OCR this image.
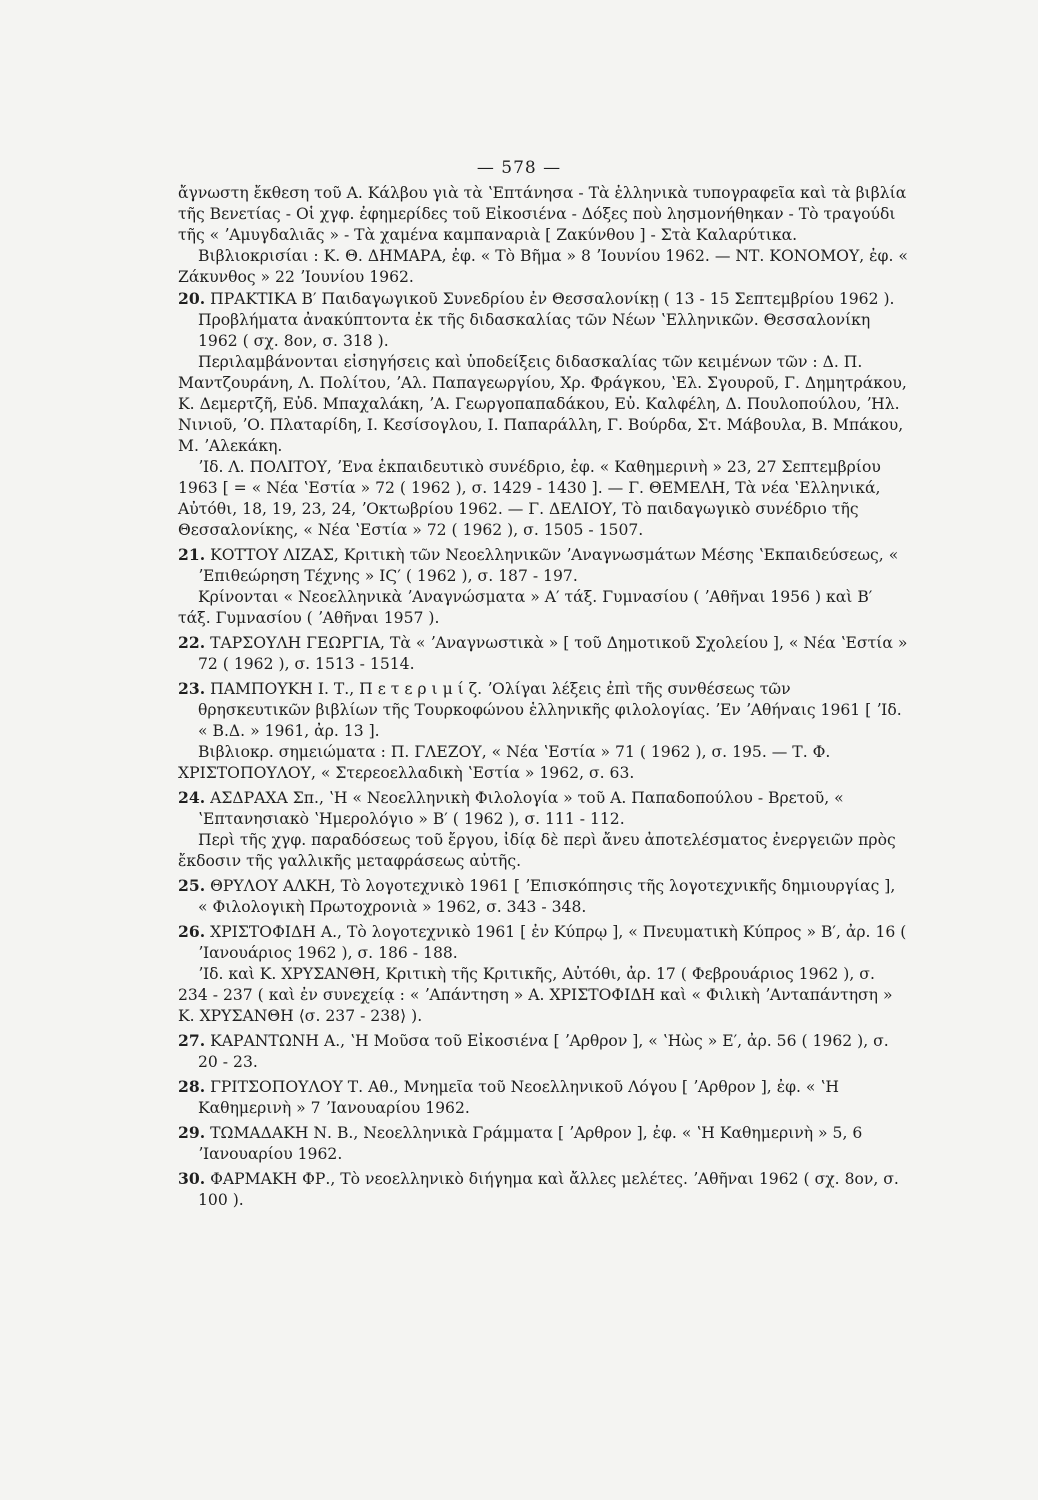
— 578 —

ἄγνωστη ἔκθεση τοῦ Α. Κάλβου γιὰ τὰ ʽΕπτάνησα - Τὰ ἑλληνικὰ τυπογραφεῖα καὶ τὰ βιβλία τῆς Βενετίας - Οἱ χγφ. ἐφημερίδες τοῦ Εἰκοσιένα - Δόξες ποὺ λησμονήθηκαν - Τὸ τραγούδι τῆς « ʼΑμυγδαλιᾶς » - Τὰ χαμένα καμπαναριὰ [ Ζακύνθου ] - Στὰ Καλαρύτικα.

Βιβλιοκρισίαι : Κ. Θ. ΔΗΜΑΡΑ, ἐφ. « Τὸ Βῆμα » 8 ʼΙουνίου 1962. — ΝΤ. ΚΟΝΟΜΟΥ, ἐφ. « Ζάκυνθος » 22 ʼΙουνίου 1962.

20. ΠΡΑΚΤΙΚΑ Β′ Παιδαγωγικοῦ Συνεδρίου ἐν Θεσσαλονίκῃ ( 13 - 15 Σεπτεμβρίου 1962 ). Προβλήματα ἀνακύπτοντα ἐκ τῆς διδασκαλίας τῶν Νέων ʽΕλληνικῶν. Θεσσαλονίκη 1962 ( σχ. 8ον, σ. 318 ).

Περιλαμβάνονται εἰσηγήσεις καὶ ὑποδείξεις διδασκαλίας τῶν κειμένων τῶν : Δ. Π. Μαντζουράνη, Λ. Πολίτου, ʼΑλ. Παπαγεωργίου, Χρ. Φράγκου, ʽΕλ. Σγουροῦ, Γ. Δημητράκου, Κ. Δεμερτζῆ, Εὐδ. Μπαχαλάκη, ʼΑ. Γεωργοπαπαδάκου, Εὐ. Καλφέλη, Δ. Πουλοπούλου, ʼΗλ. Νινιοῦ, ʼΟ. Πλαταρίδη, Ι. Κεσίσογλου, Ι. Παπαράλλη, Γ. Βούρδα, Στ. Μάβουλα, Β. Μπάκου, Μ. ʼΑλεκάκη.

ʼΙδ. Λ. ΠΟΛΙΤΟΥ, ʼΕνα ἐκπαιδευτικὸ συνέδριο, ἐφ. « Καθημερινὴ » 23, 27 Σεπτεμβρίου 1963 [ = « Νέα ʽΕστία » 72 ( 1962 ), σ. 1429 - 1430 ]. — Γ. ΘΕΜΕΛΗ, Τὰ νέα ʽΕλληνικά, Αὐτόθι, 18, 19, 23, 24, ʼΟκτωβρίου 1962. — Γ. ΔΕΛΙΟΥ, Τὸ παιδαγωγικὸ συνέδριο τῆς Θεσσαλονίκης, « Νέα ʽΕστία » 72 ( 1962 ), σ. 1505 - 1507.

21. ΚΟΤΤΟΥ ΛΙΖΑΣ, Κριτικὴ τῶν Νεοελληνικῶν ʼΑναγνωσμάτων Μέσης ʽΕκπαιδεύσεως, « ʼΕπιθεώρηση Τέχνης » ΙϚ′ ( 1962 ), σ. 187 - 197.

Κρίνονται « Νεοελληνικὰ ʼΑναγνώσματα » Α′ τάξ. Γυμνασίου ( ʼΑθῆναι 1956 ) καὶ Β′ τάξ. Γυμνασίου ( ʼΑθῆναι 1957 ).

22. ΤΑΡΣΟΥΛΗ ΓΕΩΡΓΙΑ, Τὰ « ʼΑναγνωστικὰ » [ τοῦ Δημοτικοῦ Σχολείου ], « Νέα ʽΕστία » 72 ( 1962 ), σ. 1513 - 1514.

23. ΠΑΜΠΟΥΚΗ Ι. Τ., Π ε τ ε ρ ι μ ί ζ. ʼΟλίγαι λέξεις ἐπὶ τῆς συνθέσεως τῶν θρησκευτικῶν βιβλίων τῆς Τουρκοφώνου ἑλληνικῆς φιλολογίας. ʼΕν ʼΑθήναις 1961 [ ʼΙδ. « Β.Δ. » 1961, ἀρ. 13 ].

Βιβλιοκρ. σημειώματα : Π. ΓΛΕΖΟΥ, « Νέα ʽΕστία » 71 ( 1962 ), σ. 195. — Τ. Φ. ΧΡΙΣΤΟΠΟΥΛΟΥ, « Στερεοελλαδικὴ ʽΕστία » 1962, σ. 63.

24. ΑΣΔΡΑΧΑ Σπ., ʽΗ « Νεοελληνικὴ Φιλολογία » τοῦ Α. Παπαδοπούλου - Βρετοῦ, « ʽΕπτανησιακὸ ʽΗμερολόγιο » Β′ ( 1962 ), σ. 111 - 112.

Περὶ τῆς χγφ. παραδόσεως τοῦ ἔργου, ἰδίᾳ δὲ περὶ ἄνευ ἀποτελέσματος ἐνεργειῶν πρὸς ἔκδοσιν τῆς γαλλικῆς μεταφράσεως αὐτῆς.

25. ΘΡΥΛΟΥ ΑΛΚΗ, Τὸ λογοτεχνικὸ 1961 [ ʼΕπισκόπησις τῆς λογοτεχνικῆς δημιουργίας ], « Φιλολογικὴ Πρωτοχρονιὰ » 1962, σ. 343 - 348.

26. ΧΡΙΣΤΟΦΙΔΗ Α., Τὸ λογοτεχνικὸ 1961 [ ἐν Κύπρῳ ], « Πνευματικὴ Κύπρος » Β′, ἀρ. 16 ( ʼΙανουάριος 1962 ), σ. 186 - 188.

ʼΙδ. καὶ Κ. ΧΡΥΣΑΝΘΗ, Κριτικὴ τῆς Κριτικῆς, Αὐτόθι, ἀρ. 17 ( Φεβρουάριος 1962 ), σ. 234 - 237 ( καὶ ἐν συνεχείᾳ : « ʼΑπάντηση » Α. ΧΡΙΣΤΟΦΙΔΗ καὶ « Φιλικὴ ʼΑνταπάντηση » Κ. ΧΡΥΣΑΝΘΗ ⟨σ. 237 - 238⟩ ).

27. ΚΑΡΑΝΤΩΝΗ Α., ʽΗ Μοῦσα τοῦ Εἰκοσιένα [ ʼΑρθρον ], « ʽΗὼς » Ε′, ἀρ. 56 ( 1962 ), σ. 20 - 23.

28. ΓΡΙΤΣΟΠΟΥΛΟΥ Τ. Αθ., Μνημεῖα τοῦ Νεοελληνικοῦ Λόγου [ ʼΑρθρον ], ἐφ. « ʽΗ Καθημερινὴ » 7 ʼΙανουαρίου 1962.

29. ΤΩΜΑΔΑΚΗ Ν. Β., Νεοελληνικὰ Γράμματα [ ʼΑρθρον ], ἐφ. « ʽΗ Καθημερινὴ » 5, 6 ʼΙανουαρίου 1962.

30. ΦΑΡΜΑΚΗ ΦΡ., Τὸ νεοελληνικὸ διήγημα καὶ ἄλλες μελέτες. ʼΑθῆναι 1962 ( σχ. 8ον, σ. 100 ).
